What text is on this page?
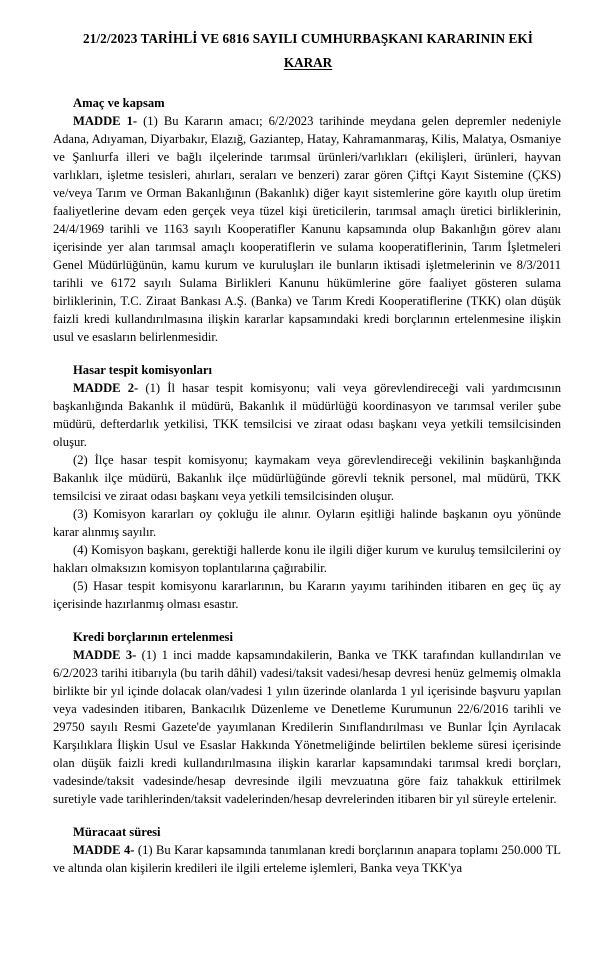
21/2/2023 TARİHLİ VE 6816 SAYILI CUMHURBAŞKANI KARARININ EKİ
KARAR
Amaç ve kapsam

MADDE 1- (1) Bu Kararın amacı; 6/2/2023 tarihinde meydana gelen depremler nedeniyle Adana, Adıyaman, Diyarbakır, Elazığ, Gaziantep, Hatay, Kahramanmaraş, Kilis, Malatya, Osmaniye ve Şanlıurfa illeri ve bağlı ilçelerinde tarımsal ürünleri/varlıkları (ekilişleri, ürünleri, hayvan varlıkları, işletme tesisleri, ahırları, seraları ve benzeri) zarar gören Çiftçi Kayıt Sistemine (ÇKS) ve/veya Tarım ve Orman Bakanlığının (Bakanlık) diğer kayıt sistemlerine göre kayıtlı olup üretim faaliyetlerine devam eden gerçek veya tüzel kişi üreticilerin, tarımsal amaçlı üretici birliklerinin, 24/4/1969 tarihli ve 1163 sayılı Kooperatifler Kanunu kapsamında olup Bakanlığın görev alanı içerisinde yer alan tarımsal amaçlı kooperatiflerin ve sulama kooperatiflerinin, Tarım İşletmeleri Genel Müdürlüğünün, kamu kurum ve kuruluşları ile bunların iktisadi işletmelerinin ve 8/3/2011 tarihli ve 6172 sayılı Sulama Birlikleri Kanunu hükümlerine göre faaliyet gösteren sulama birliklerinin, T.C. Ziraat Bankası A.Ş. (Banka) ve Tarım Kredi Kooperatiflerine (TKK) olan düşük faizli kredi kullandırılmasına ilişkin kararlar kapsamındaki kredi borçlarının ertelenmesine ilişkin usul ve esasların belirlenmesidir.

Hasar tespit komisyonları

MADDE 2- (1) İl hasar tespit komisyonu; vali veya görevlendireceği vali yardımcısının başkanlığında Bakanlık il müdürü, Bakanlık il müdürlüğü koordinasyon ve tarımsal veriler şube müdürü, defterdarlık yetkilisi, TKK temsilcisi ve ziraat odası başkanı veya yetkili temsilcisinden oluşur.

(2) İlçe hasar tespit komisyonu; kaymakam veya görevlendireceği vekilinin başkanlığında Bakanlık ilçe müdürü, Bakanlık ilçe müdürlüğünde görevli teknik personel, mal müdürü, TKK temsilcisi ve ziraat odası başkanı veya yetkili temsilcisinden oluşur.

(3) Komisyon kararları oy çokluğu ile alınır. Oyların eşitliği halinde başkanın oyu yönünde karar alınmış sayılır.

(4) Komisyon başkanı, gerektiği hallerde konu ile ilgili diğer kurum ve kuruluş temsilcilerini oy hakları olmaksızın komisyon toplantılarına çağırabilir.

(5) Hasar tespit komisyonu kararlarının, bu Kararın yayımı tarihinden itibaren en geç üç ay içerisinde hazırlanmış olması esastır.

Kredi borçlarının ertelenmesi

MADDE 3- (1) 1 inci madde kapsamındakilerin, Banka ve TKK tarafından kullandırılan ve 6/2/2023 tarihi itibarıyla (bu tarih dâhil) vadesi/taksit vadesi/hesap devresi henüz gelmemiş olmakla birlikte bir yıl içinde dolacak olan/vadesi 1 yılın üzerinde olanlarda 1 yıl içerisinde başvuru yapılan veya vadesinden itibaren, Bankacılık Düzenleme ve Denetleme Kurumunun 22/6/2016 tarihli ve 29750 sayılı Resmi Gazete'de yayımlanan Kredilerin Sınıflandırılması ve Bunlar İçin Ayrılacak Karşılıklara İlişkin Usul ve Esaslar Hakkında Yönetmeliğinde belirtilen bekleme süresi içerisinde olan düşük faizli kredi kullandırılmasına ilişkin kararlar kapsamındaki tarımsal kredi borçları, vadesinde/taksit vadesinde/hesap devresinde ilgili mevzuatına göre faiz tahakkuk ettirilmek suretiyle vade tarihlerinden/taksit vadelerinden/hesap devrelerinden itibaren bir yıl süreyle ertelenir.

Müracaat süresi

MADDE 4- (1) Bu Karar kapsamında tanımlanan kredi borçlarının anapara toplamı 250.000 TL ve altında olan kişilerin kredileri ile ilgili erteleme işlemleri, Banka veya TKK'ya
